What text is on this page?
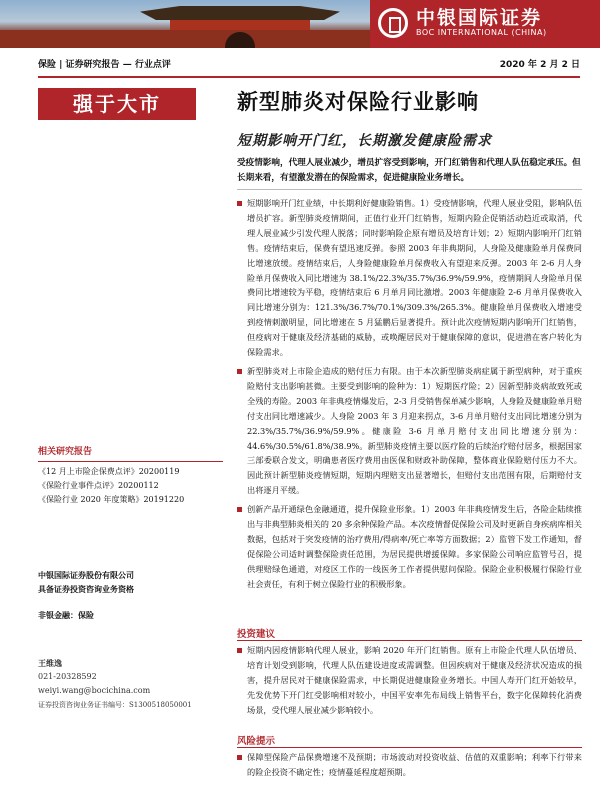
中银国际证券
BOC INTERNATIONAL (CHINA)
保险 | 证券研究报告 — 行业点评	2020 年 2 月 2 日
强于大市	新型肺炎对保险行业影响
短期影响开门红，长期激发健康险需求
受疫情影响，代理人展业减少，增员扩容受到影响，开门红销售和代理人队伍稳定承压。但长期来看，有望激发潜在的保险需求，促进健康险业务增长。

短期影响开门红业绩，中长期利好健康险销售。1）受疫情影响，代理人展业受阻，影响队伍增员扩容。新型肺炎疫情期间，正值行业开门红销售，短期内险企促销活动趋近或取消，代理人展业减少引发代理人脱落；同时影响险企原有增员及培育计划；2）短期内影响开门红销售。疫情结束后，保费有望迅速反弹。参照 2003 年非典期间，人身险及健康险单月保费同比增速放缓。疫情结束后，人身险健康险单月保费收入有望迎来反弹。2003 年 2-6 月人身险单月保费收入同比增速为 38.1%/22.3%/35.7%/36.9%/59.9%，疫情期间人身险单月保费同比增速较为平稳，疫情结束后 6 月单月同比激增。2003 年健康险 2-6 月单月保费收入同比增速分别为：121.3%/36.7%/70.1%/309.3%/265.3%。健康险单月保费收入增速受到疫情刺激明显，同比增速在 5 月猛鹏后显著提升。预计此次疫情短期内影响开门红销售，但疫病对于健康及经济基础的威胁，或唤醒居民对于健康保障的意识，促进潜在客户转化为保险需求。

新型肺炎对上市险企造成的赔付压力有限。由于本次新型肺炎病症属于新型病种，对于重疾险赔付支出影响甚微。主要受到影响的险种为：1）短期医疗险；2）因新型肺炎病故致死或全残的寿险。2003 年非典疫情爆发后，2-3 月受销售保单减少影响，人身险及健康险单月赔付支出同比增速减少。人身险 2003 年 3 月迎来拐点，3-6 月单月赔付支出同比增速分别为 22.3%/35.7%/36.9%/59.9%。健康险 3-6 月单月赔付支出同比增速分别为：44.6%/30.5%/61.8%/38.9%。新型肺炎疫情主要以医疗险的后续治疗赔付居多，根据国家三部委联合发文，明确患者医疗费用由医保和财政补助保障，整体商业保险赔付压力不大。因此预计新型肺炎疫情短期，短期内理赔支出显著增长，但赔付支出范围有限，后期赔付支出将逐月平缓。

创新产品开通绿色金融通道，提升保险业形象。1）2003 年非典疫情发生后，各险企陆续推出与非典型肺炎相关的 20 多余种保险产品。本次疫情督促保险公司及时更新自身疾病库相关数据，包括对于突发疫情的治疗费用/得病率/死亡率等方面数据；2）监管下发工作通知，督促保险公司适时调整保险责任范围，为居民提供增援保障。多家保险公司响应监管号召，提供理赔绿色通道，对疫区工作的一线医务工作者提供慰问保险。保险企业积极履行保险行业社会责任，有利于树立保险行业的积极形象。

投资建议

短期内因疫情影响代理人展业，影响 2020 年开门红销售。原有上市险企代理人队伍增员、培育计划受到影响，代理人队伍建设进度或需调整。但因疾病对于健康及经济状况造成的损害，提升居民对于健康保险需求，中长期促进健康险业务增长。中国人寿开门红开始较早，先发优势下开门红受影响相对较小，中国平安率先布局线上销售平台，数字化保障转化消费场景，受代理人展业减少影响较小。

风险提示

保障型保险产品保费增速不及预期；市场波动对投资收益、估值的双重影响；利率下行带来的险企投资不确定性；疫情蔓延程度超预期。

相关研究报告
《12 月上市险企保费点评》20200119
《保险行业事件点评》20200112
《保险行业 2020 年度策略》20191220
中银国际证券股份有限公司
具备证券投资咨询业务资格
非银金融：保险
王维逸
021-20328592
weiyi.wang@bocichina.com
证券投资咨询业务证书编号：S1300518050001
